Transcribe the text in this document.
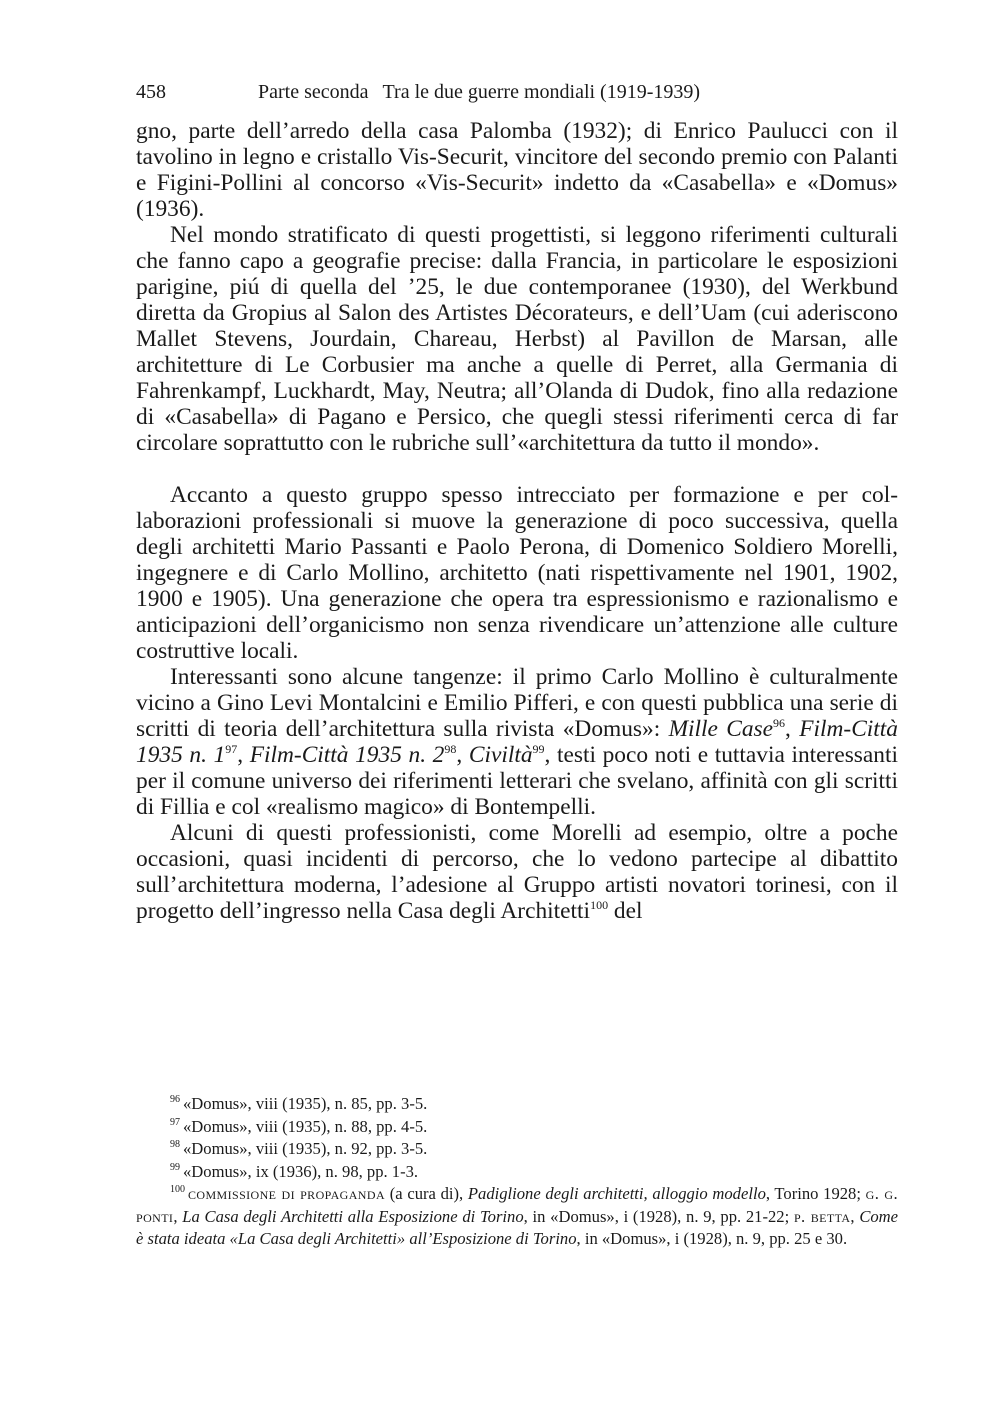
458	Parte seconda Tra le due guerre mondiali (1919-1939)

gno, parte dell’arredo della casa Palomba (1932); di Enrico Paulucci con il tavolino in legno e cristallo Vis-Securit, vincitore del secondo premio con Palanti e Figini-Pollini al concorso «Vis-Securit» indetto da «Casabella» e «Domus» (1936).

Nel mondo stratificato di questi progettisti, si leggono riferimenti culturali che fanno capo a geografie precise: dalla Francia, in particolare le esposizioni parigine, piú di quella del ’25, le due contemporanee (1930), del Werkbund diretta da Gropius al Salon des Artistes Décorateurs, e dell’Uam (cui aderiscono Mallet Stevens, Jourdain, Chareau, Herbst) al Pavillon de Marsan, alle architetture di Le Corbusier ma anche a quelle di Perret, alla Germania di Fahrenkampf, Luckhardt, May, Neutra; all’Olanda di Dudok, fino alla redazione di «Casabella» di Pagano e Persico, che quegli stessi riferimenti cerca di far circolare soprattutto con le rubriche sull’«architettura da tutto il mondo».

Accanto a questo gruppo spesso intrecciato per formazione e per collaborazioni professionali si muove la generazione di poco successiva, quella degli architetti Mario Passanti e Paolo Perona, di Domenico Soldiero Morelli, ingegnere e di Carlo Mollino, architetto (nati rispettivamente nel 1901, 1902, 1900 e 1905). Una generazione che opera tra espressionismo e razionalismo e anticipazioni dell’organicismo non senza rivendicare un’attenzione alle culture costruttive locali.

Interessanti sono alcune tangenze: il primo Carlo Mollino è culturalmente vicino a Gino Levi Montalcini e Emilio Pifferi, e con questi pubblica una serie di scritti di teoria dell’architettura sulla rivista «Domus»: Mille Case$^{96}$, Film-Città 1935 n. $1^{97}$, Film-Città 1935 n. $2^{98}$, Civiltà$^{99}$, testi poco noti e tuttavia interessanti per il comune universo dei riferimenti letterari che svelano, affinità con gli scritti di Fillia e col «realismo magico» di Bontempelli.

Alcuni di questi professionisti, come Morelli ad esempio, oltre a poche occasioni, quasi incidenti di percorso, che lo vedono partecipe al dibattito sull’architettura moderna, l’adesione al Gruppo artisti novatori torinesi, con il progetto dell’ingresso nella Casa degli Architetti$^{100}$ del

$^{96}$ «Domus», viii (1935), n. 85, pp. 3-5.

$^{97}$ «Domus», viii (1935), n. 88, pp. 4-5.

$^{98}$ «Domus», viii (1935), n. 92, pp. 3-5.

$^{99}$ «Domus», ix (1936), n. 98, pp. 1-3.

$^{100}$ commissione di propaganda (a cura di), Padiglione degli architetti, alloggio modello, Torino 1928; g. g. ponti, La Casa degli Architetti alla Esposizione di Torino, in «Domus», i (1928), n. 9, pp. 21-22; p. betta, Come è stata ideata «La Casa degli Architetti» all’Esposizione di Torino, in «Domus», i (1928), n. 9, pp. 25 e 30.
